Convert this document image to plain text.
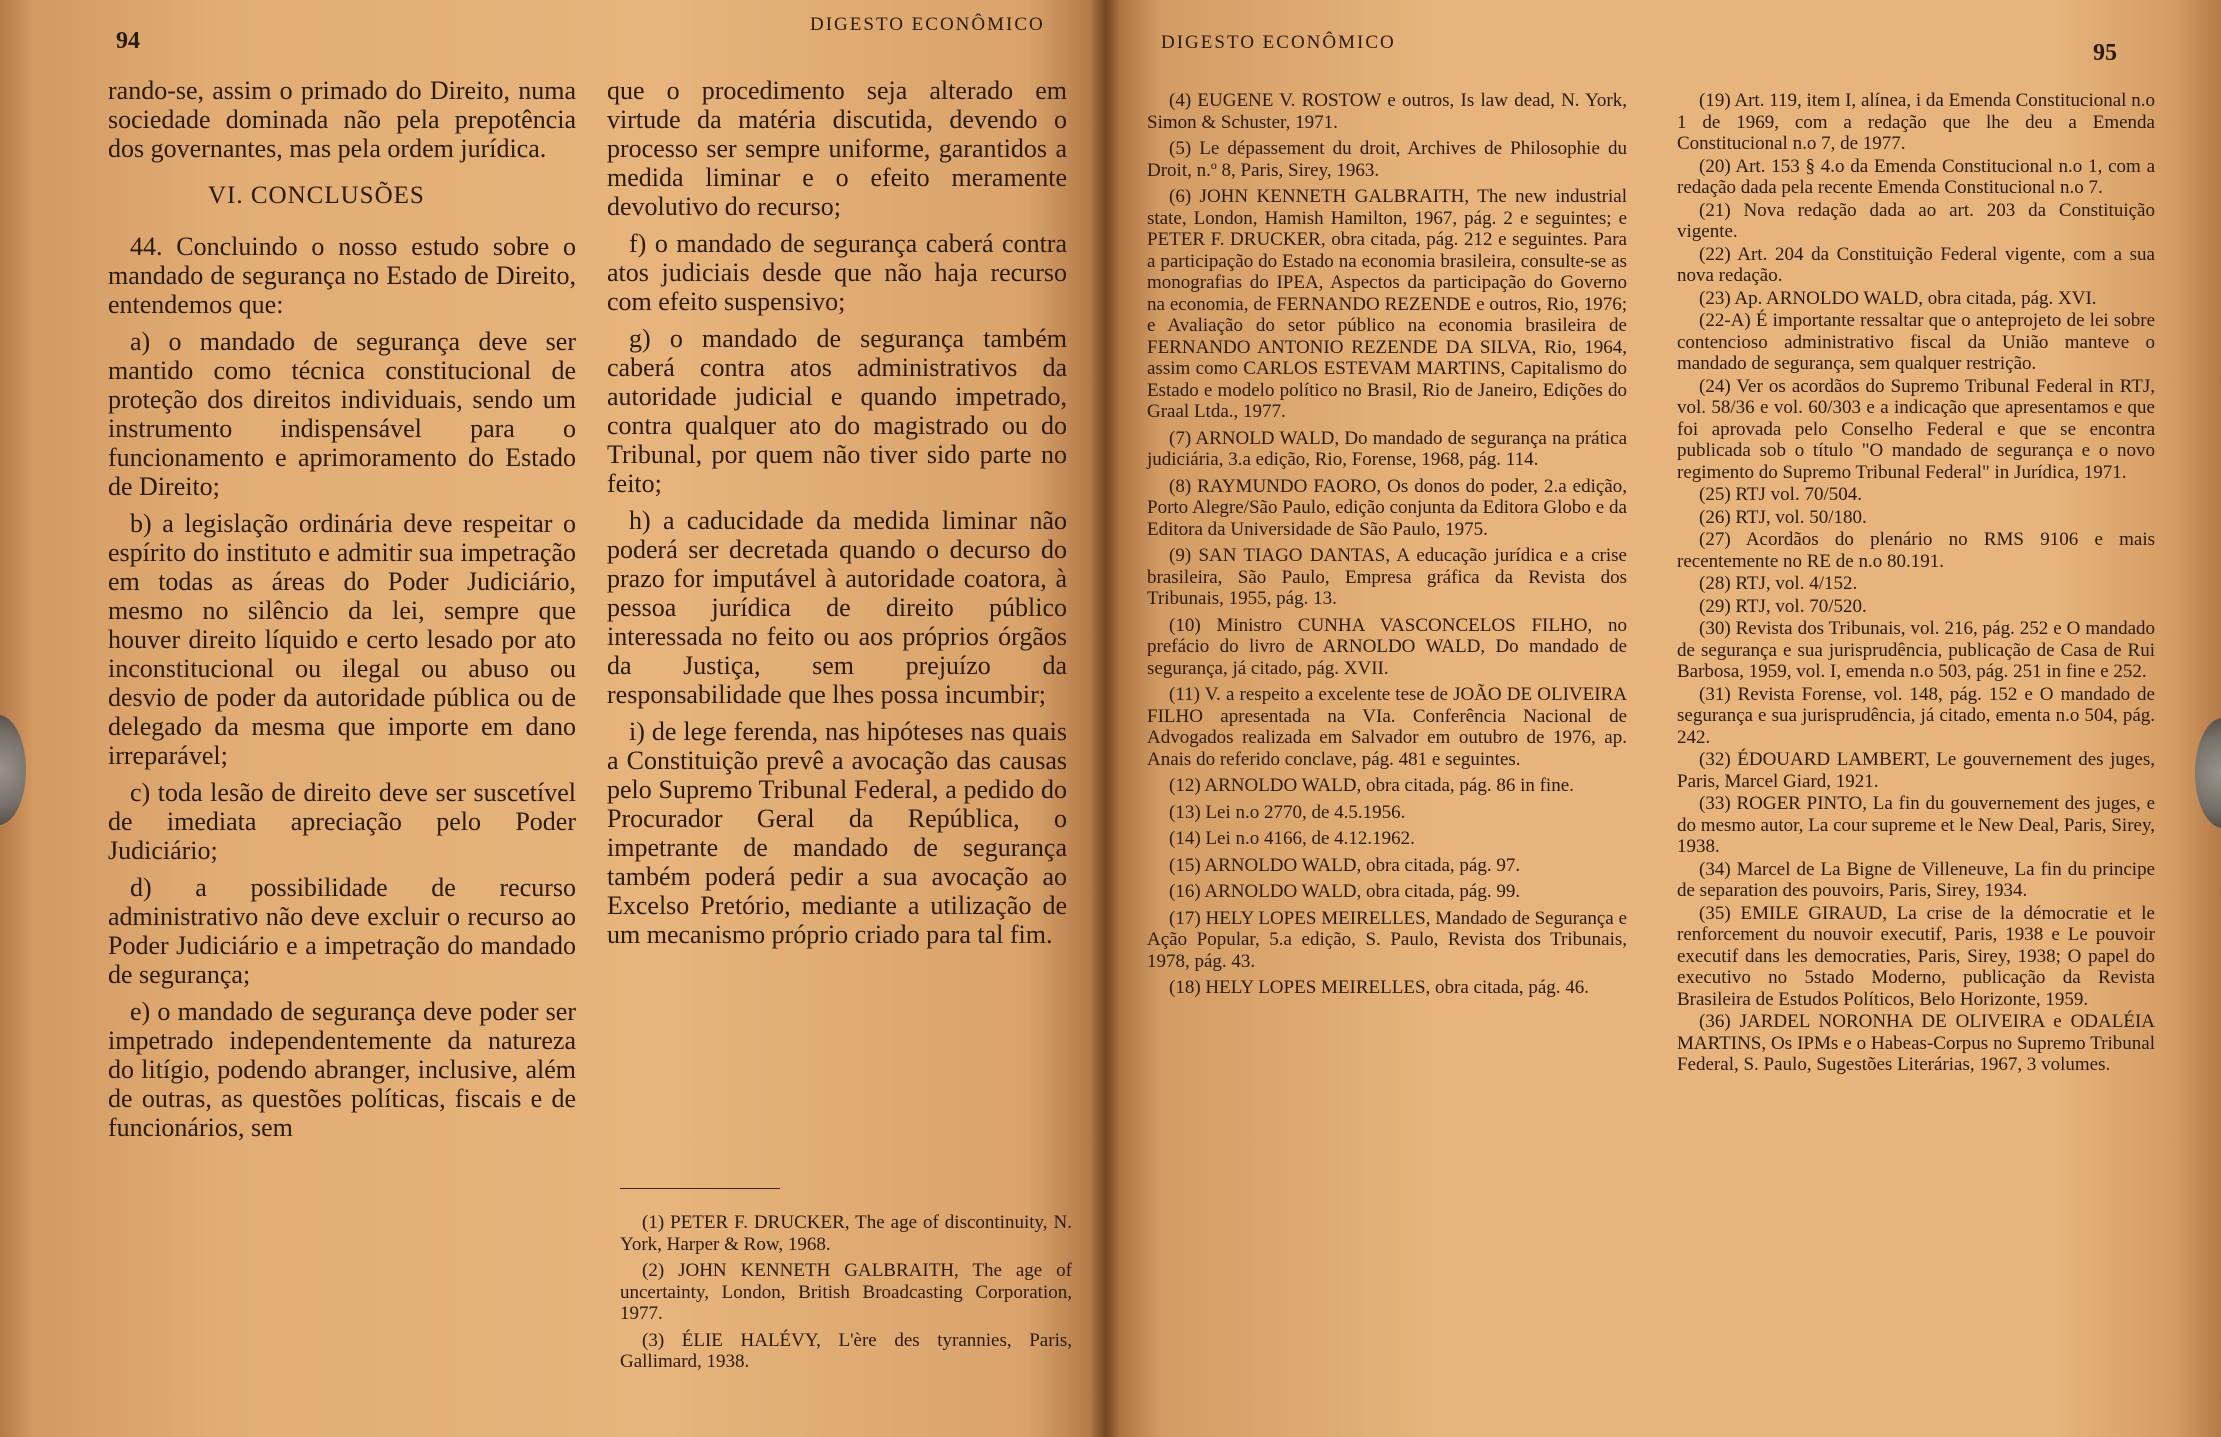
94
DIGESTO ECONÔMICO

rando-se, assim o primado do Direito, numa sociedade dominada não pela prepotência dos governantes, mas pela ordem jurídica.

VI. CONCLUSÕES

44. Concluindo o nosso estudo sobre o mandado de segurança no Estado de Direito, entendemos que:

a) o mandado de segurança deve ser mantido como técnica constitucional de proteção dos direitos individuais, sendo um instrumento indispensável para o funcionamento e aprimoramento do Estado de Direito;

b) a legislação ordinária deve respeitar o espírito do instituto e admitir sua impetração em todas as áreas do Poder Judiciário, mesmo no silêncio da lei, sempre que houver direito líquido e certo lesado por ato inconstitucional ou ilegal ou abuso ou desvio de poder da autoridade pública ou de delegado da mesma que importe em dano irreparável;

c) toda lesão de direito deve ser suscetível de imediata apreciação pelo Poder Judiciário;

d) a possibilidade de recurso administrativo não deve excluir o recurso ao Poder Judiciário e a impetração do mandado de segurança;

e) o mandado de segurança deve poder ser impetrado independentemente da natureza do litígio, podendo abranger, inclusive, além de outras, as questões políticas, fiscais e de funcionários, sem

que o procedimento seja alterado em virtude da matéria discutida, devendo o processo ser sempre uniforme, garantidos a medida liminar e o efeito meramente devolutivo do recurso;

f) o mandado de segurança caberá contra atos judiciais desde que não haja recurso com efeito suspensivo;

g) o mandado de segurança também caberá contra atos administrativos da autoridade judicial e quando impetrado, contra qualquer ato do magistrado ou do Tribunal, por quem não tiver sido parte no feito;

h) a caducidade da medida liminar não poderá ser decretada quando o decurso do prazo for imputável à autoridade coatora, à pessoa jurídica de direito público interessada no feito ou aos próprios órgãos da Justiça, sem prejuízo da responsabilidade que lhes possa incumbir;

i) de lege ferenda, nas hipóteses nas quais a Constituição prevê a avocação das causas pelo Supremo Tribunal Federal, a pedido do Procurador Geral da República, o impetrante de mandado de segurança também poderá pedir a sua avocação ao Excelso Pretório, mediante a utilização de um mecanismo próprio criado para tal fim.

(1) PETER F. DRUCKER, The age of discontinuity, N. York, Harper & Row, 1968.

(2) JOHN KENNETH GALBRAITH, The age of uncertainty, London, British Broadcasting Corporation, 1977.

(3) ÉLIE HALÉVY, L'ère des tyrannies, Paris, Gallimard, 1938.

DIGESTO ECONÔMICO	95

(4) EUGENE V. ROSTOW e outros, Is law dead, N. York, Simon & Schuster, 1971.

(5) Le dépassement du droit, Archives de Philosophie du Droit, n.º 8, Paris, Sirey, 1963.

(6) JOHN KENNETH GALBRAITH, The new industrial state, London, Hamish Hamilton, 1967, pág. 2 e seguintes; e PETER F. DRUCKER, obra citada, pág. 212 e seguintes. Para a participação do Estado na economia brasileira, consulte-se as monografias do IPEA, Aspectos da participação do Governo na economia, de FERNANDO REZENDE e outros, Rio, 1976; e Avaliação do setor público na economia brasileira de FERNANDO ANTONIO REZENDE DA SILVA, Rio, 1964, assim como CARLOS ESTEVAM MARTINS, Capitalismo do Estado e modelo político no Brasil, Rio de Janeiro, Edições do Graal Ltda., 1977.

(7) ARNOLD WALD, Do mandado de segurança na prática judiciária, 3.a edição, Rio, Forense, 1968, pág. 114.

(8) RAYMUNDO FAORO, Os donos do poder, 2.a edição, Porto Alegre/São Paulo, edição conjunta da Editora Globo e da Editora da Universidade de São Paulo, 1975.

(9) SAN TIAGO DANTAS, A educação jurídica e a crise brasileira, São Paulo, Empresa gráfica da Revista dos Tribunais, 1955, pág. 13.

(10) Ministro CUNHA VASCONCELOS FILHO, no prefácio do livro de ARNOLDO WALD, Do mandado de segurança, já citado, pág. XVII.

(11) V. a respeito a excelente tese de JOÃO DE OLIVEIRA FILHO apresentada na VIa. Conferência Nacional de Advogados realizada em Salvador em outubro de 1976, ap. Anais do referido conclave, pág. 481 e seguintes.

(12) ARNOLDO WALD, obra citada, pág. 86 in fine.

(13) Lei n.o 2770, de 4.5.1956.

(14) Lei n.o 4166, de 4.12.1962.

(15) ARNOLDO WALD, obra citada, pág. 97.

(16) ARNOLDO WALD, obra citada, pág. 99.

(17) HELY LOPES MEIRELLES, Mandado de Segurança e Ação Popular, 5.a edição, S. Paulo, Revista dos Tribunais, 1978, pág. 43.

(18) HELY LOPES MEIRELLES, obra citada, pág. 46.

(19) Art. 119, item I, alínea, i da Emenda Constitucional n.o 1 de 1969, com a redação que lhe deu a Emenda Constitucional n.o 7, de 1977.

(20) Art. 153 § 4.o da Emenda Constitucional n.o 1, com a redação dada pela recente Emenda Constitucional n.o 7.

(21) Nova redação dada ao art. 203 da Constituição vigente.

(22) Art. 204 da Constituição Federal vigente, com a sua nova redação.

(23) Ap. ARNOLDO WALD, obra citada, pág. XVI.

(22-A) É importante ressaltar que o anteprojeto de lei sobre contencioso administrativo fiscal da União manteve o mandado de segurança, sem qualquer restrição.

(24) Ver os acordãos do Supremo Tribunal Federal in RTJ, vol. 58/36 e vol. 60/303 e a indicação que apresentamos e que foi aprovada pelo Conselho Federal e que se encontra publicada sob o título "O mandado de segurança e o novo regimento do Supremo Tribunal Federal" in Jurídica, 1971.

(25) RTJ vol. 70/504.

(26) RTJ, vol. 50/180.

(27) Acordãos do plenário no RMS 9106 e mais recentemente no RE de n.o 80.191.

(28) RTJ, vol. 4/152.

(29) RTJ, vol. 70/520.

(30) Revista dos Tribunais, vol. 216, pág. 252 e O mandado de segurança e sua jurisprudência, publicação de Casa de Rui Barbosa, 1959, vol. I, emenda n.o 503, pág. 251 in fine e 252.

(31) Revista Forense, vol. 148, pág. 152 e O mandado de segurança e sua jurisprudência, já citado, ementa n.o 504, pág. 242.

(32) ÉDOUARD LAMBERT, Le gouvernement des juges, Paris, Marcel Giard, 1921.

(33) ROGER PINTO, La fin du gouvernement des juges, e do mesmo autor, La cour supreme et le New Deal, Paris, Sirey, 1938.

(34) Marcel de La Bigne de Villeneuve, La fin du principe de separation des pouvoirs, Paris, Sirey, 1934.

(35) EMILE GIRAUD, La crise de la démocratie et le renforcement du nouvoir executif, Paris, 1938 e Le pouvoir executif dans les democraties, Paris, Sirey, 1938; O papel do executivo no 5stado Moderno, publicação da Revista Brasileira de Estudos Políticos, Belo Horizonte, 1959.

(36) JARDEL NORONHA DE OLIVEIRA e ODALÉIA MARTINS, Os IPMs e o Habeas-Corpus no Supremo Tribunal Federal, S. Paulo, Sugestões Literárias, 1967, 3 volumes.
